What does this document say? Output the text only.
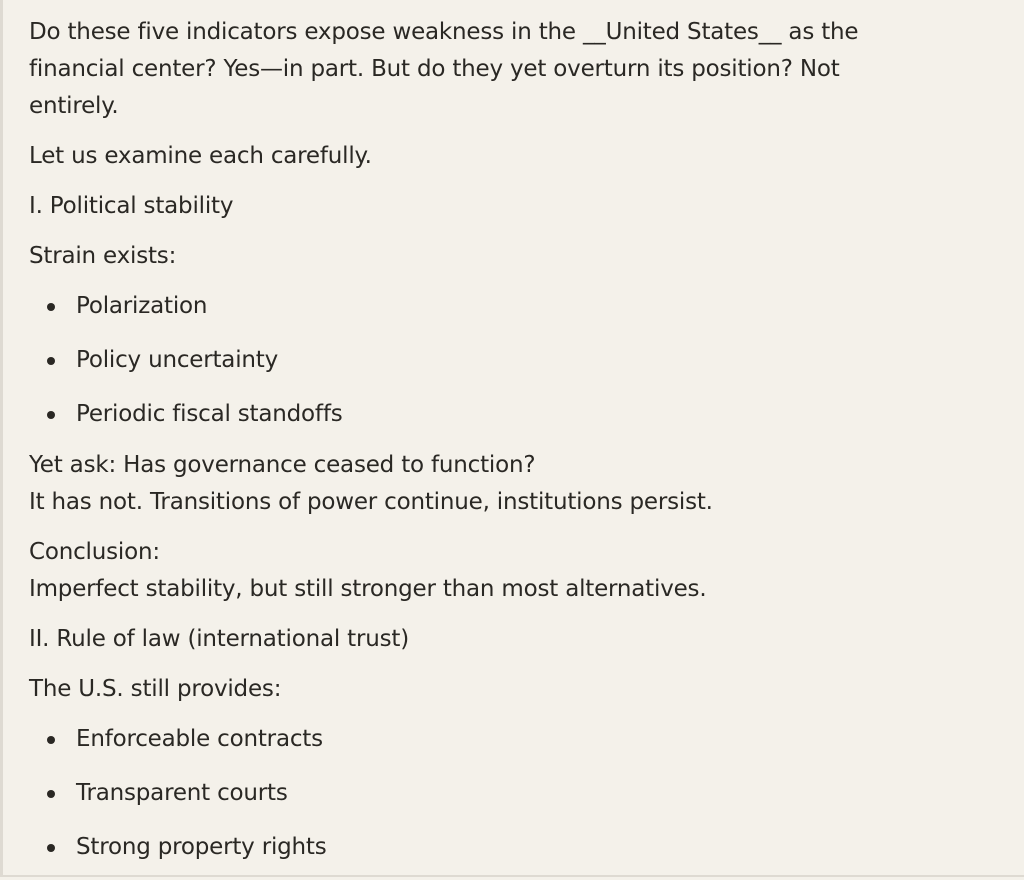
Do these five indicators expose weakness in the __United States__ as the
financial center? Yes—in part. But do they yet overturn its position? Not
entirely.

Let us examine each carefully.

I. Political stability

Strain exists:

Polarization
Policy uncertainty
Periodic fiscal standoffs

Yet ask: Has governance ceased to function?
It has not. Transitions of power continue, institutions persist.

Conclusion:
Imperfect stability, but still stronger than most alternatives.

II. Rule of law (international trust)

The U.S. still provides:

Enforceable contracts
Transparent courts
Strong property rights
